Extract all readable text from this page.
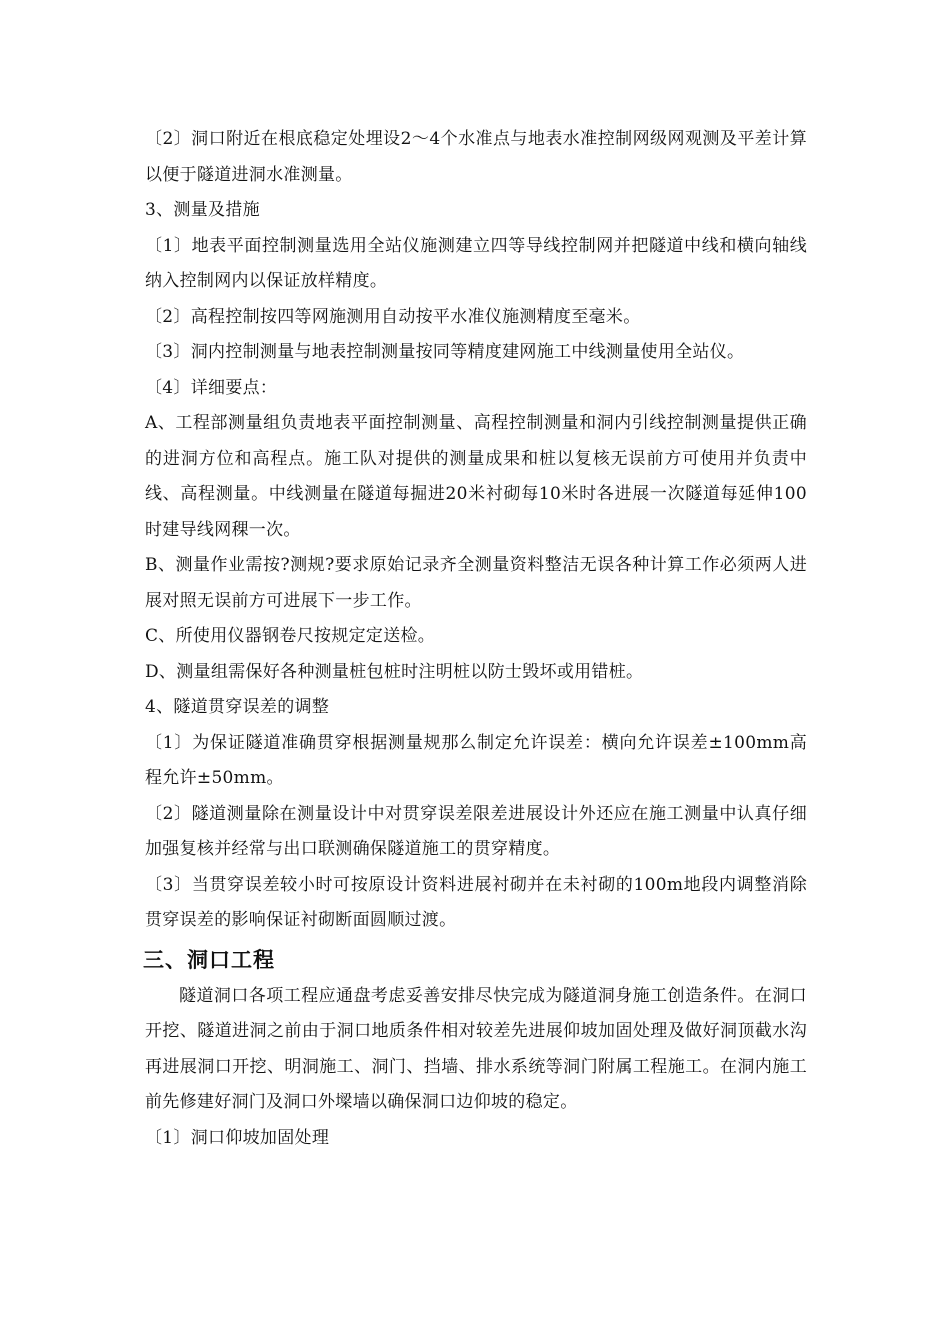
〔2〕洞口附近在根底稳定处埋设2～4个水准点与地表水准控制网级网观测及平差计算以便于隧道进洞水准测量。

3、测量及措施

〔1〕地表平面控制测量选用全站仪施测建立四等导线控制网并把隧道中线和横向轴线纳入控制网内以保证放样精度。

〔2〕高程控制按四等网施测用自动按平水准仪施测精度至毫米。

〔3〕洞内控制测量与地表控制测量按同等精度建网施工中线测量使用全站仪。

〔4〕详细要点：

A、工程部测量组负责地表平面控制测量、高程控制测量和洞内引线控制测量提供正确的进洞方位和高程点。施工队对提供的测量成果和桩以复核无误前方可使用并负责中线、高程测量。中线测量在隧道每掘进20米衬砌每10米时各进展一次隧道每延伸100时建导线网稞一次。

B、测量作业需按?测规?要求原始记录齐全测量资料整洁无误各种计算工作必须两人进展对照无误前方可进展下一步工作。

C、所使用仪器钢卷尺按规定定送检。

D、测量组需保好各种测量桩包桩时注明桩以防士毁坏或用错桩。

4、隧道贯穿误差的调整

〔1〕为保证隧道准确贯穿根据测量规那么制定允许误差：横向允许误差±100mm高程允许±50mm。

〔2〕隧道测量除在测量设计中对贯穿误差限差进展设计外还应在施工测量中认真仔细加强复核并经常与出口联测确保隧道施工的贯穿精度。

〔3〕当贯穿误差较小时可按原设计资料进展衬砌并在未衬砌的100m地段内调整消除贯穿误差的影响保证衬砌断面圆顺过渡。

三、洞口工程

隧道洞口各项工程应通盘考虑妥善安排尽快完成为隧道洞身施工创造条件。在洞口开挖、隧道进洞之前由于洞口地质条件相对较差先进展仰坡加固处理及做好洞顶截水沟再进展洞口开挖、明洞施工、洞门、挡墙、排水系统等洞门附属工程施工。在洞内施工前先修建好洞门及洞口外墚墙以确保洞口边仰坡的稳定。

〔1〕洞口仰坡加固处理
